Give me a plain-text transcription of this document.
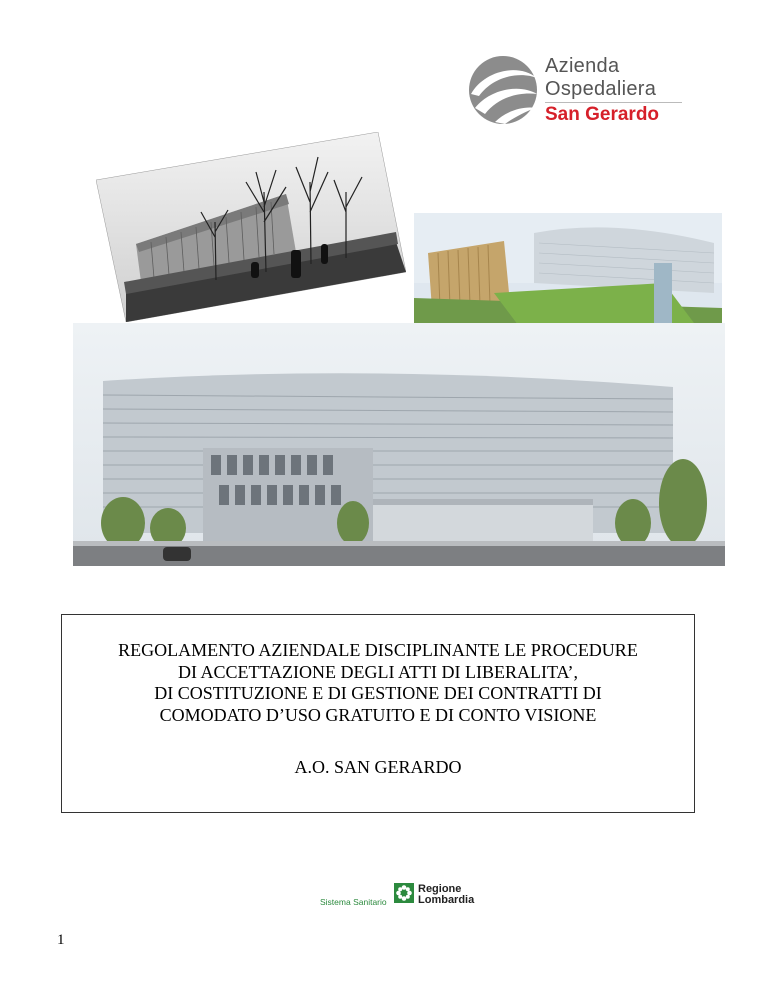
Azienda
Ospedaliera
San Gerardo
REGOLAMENTO AZIENDALE DISCIPLINANTE LE PROCEDURE
DI ACCETTAZIONE DEGLI ATTI DI LIBERALITA’,
DI COSTITUZIONE E DI GESTIONE DEI CONTRATTI DI
COMODATO D’USO GRATUITO E DI CONTO VISIONE
A.O. SAN GERARDO
Sistema Sanitario
Regione
Lombardia
1
